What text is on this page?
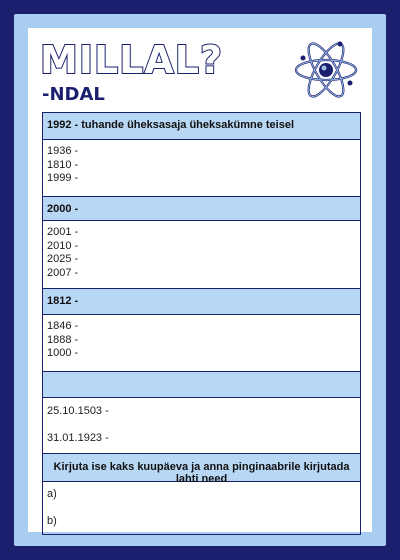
MILLAL?
-NDAL
1992 - tuhande üheksasaja üheksakümne teisel
1936 -
1810 -
1999 -
2000 -
2001 -
2010 -
2025 -
2007 -
1812 -
1846 -
1888 -
1000 -
25.10.1503 -
31.01.1923 -
Kirjuta ise kaks kuupäeva ja anna pinginaabrile kirjutada lahti need
a)
b)
